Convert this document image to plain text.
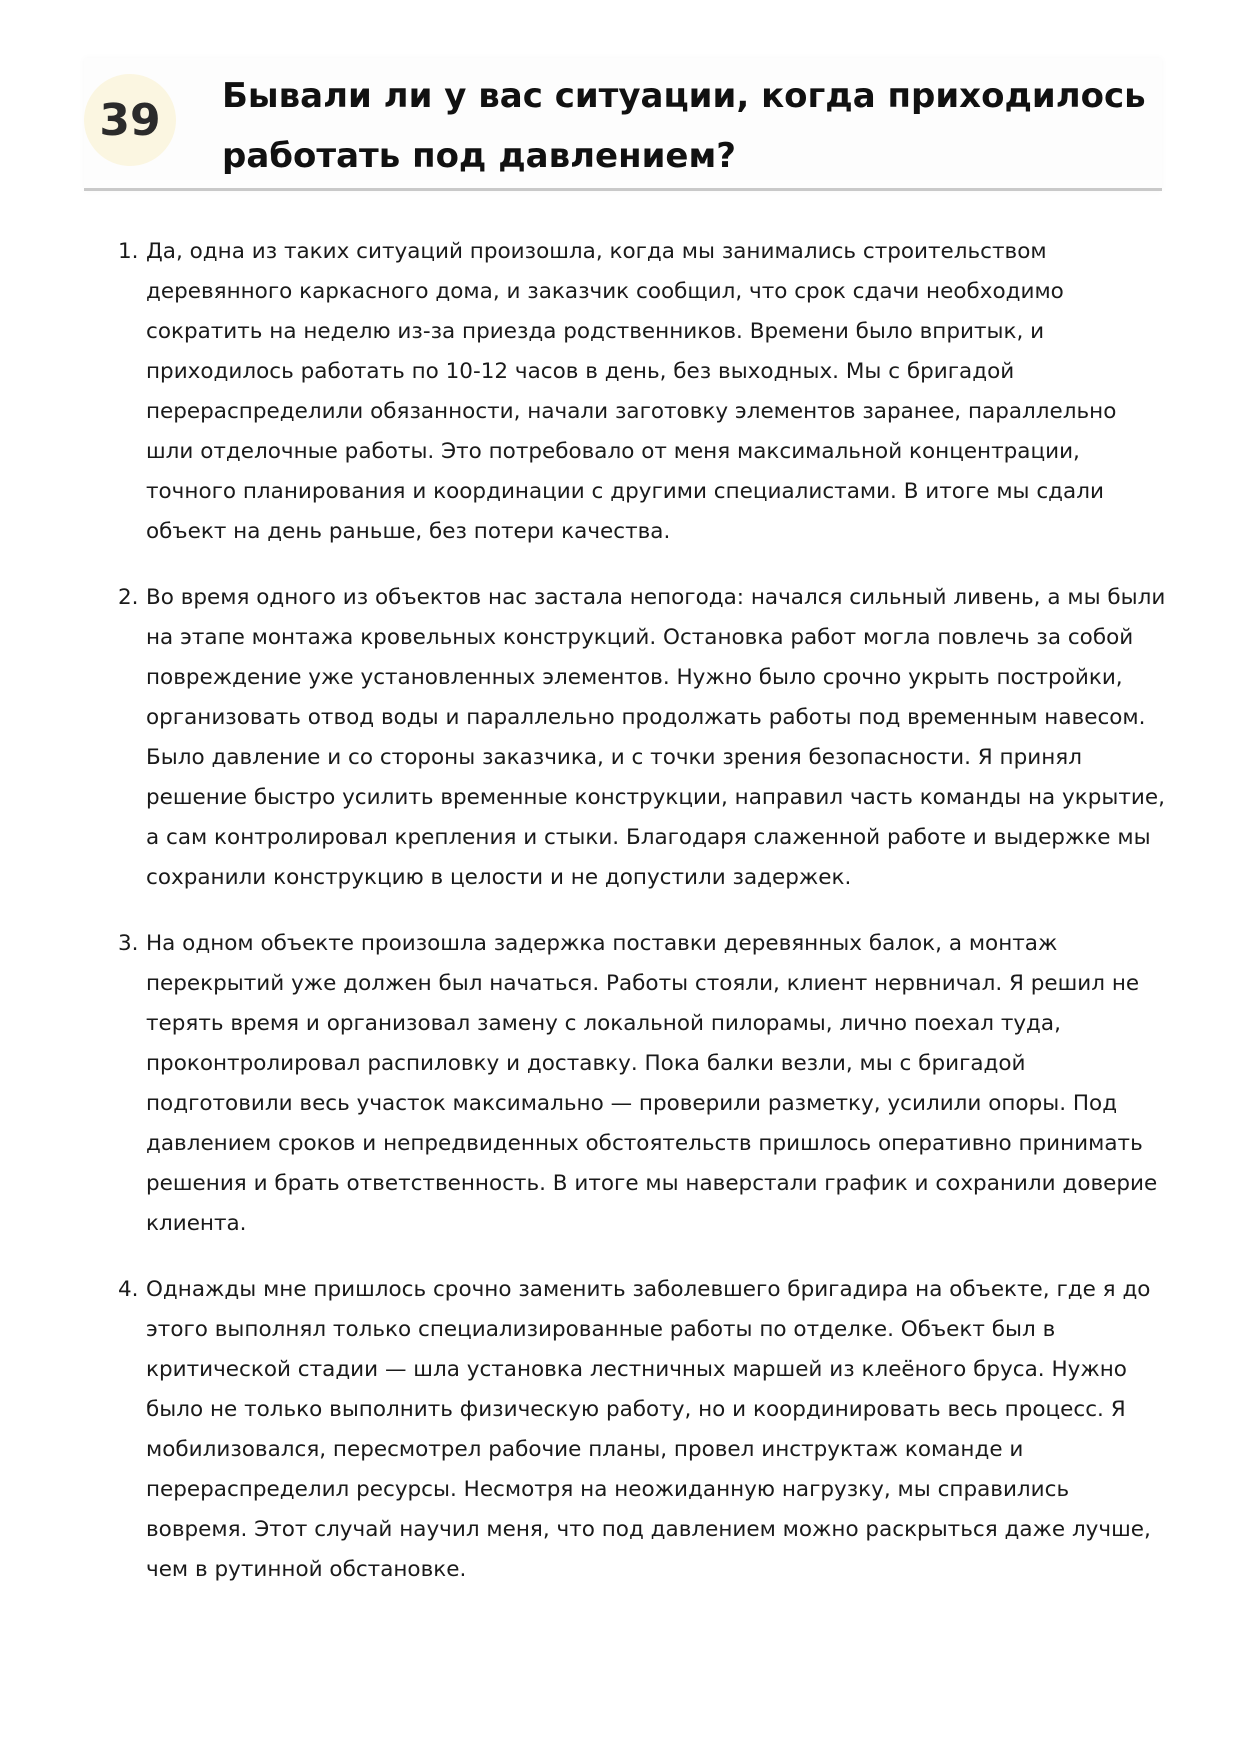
39	Бывали ли у вас ситуации, когда приходилось работать под давлением?
1. Да, одна из таких ситуаций произошла, когда мы занимались строительством деревянного каркасного дома, и заказчик сообщил, что срок сдачи необходимо сократить на неделю из-за приезда родственников. Времени было впритык, и приходилось работать по 10-12 часов в день, без выходных. Мы с бригадой перераспределили обязанности, начали заготовку элементов заранее, параллельно шли отделочные работы. Это потребовало от меня максимальной концентрации, точного планирования и координации с другими специалистами. В итоге мы сдали объект на день раньше, без потери качества.
2. Во время одного из объектов нас застала непогода: начался сильный ливень, а мы были на этапе монтажа кровельных конструкций. Остановка работ могла повлечь за собой повреждение уже установленных элементов. Нужно было срочно укрыть постройки, организовать отвод воды и параллельно продолжать работы под временным навесом. Было давление и со стороны заказчика, и с точки зрения безопасности. Я принял решение быстро усилить временные конструкции, направил часть команды на укрытие, а сам контролировал крепления и стыки. Благодаря слаженной работе и выдержке мы сохранили конструкцию в целости и не допустили задержек.
3. На одном объекте произошла задержка поставки деревянных балок, а монтаж перекрытий уже должен был начаться. Работы стояли, клиент нервничал. Я решил не терять время и организовал замену с локальной пилорамы, лично поехал туда, проконтролировал распиловку и доставку. Пока балки везли, мы с бригадой подготовили весь участок максимально — проверили разметку, усилили опоры. Под давлением сроков и непредвиденных обстоятельств пришлось оперативно принимать решения и брать ответственность. В итоге мы наверстали график и сохранили доверие клиента.
4. Однажды мне пришлось срочно заменить заболевшего бригадира на объекте, где я до этого выполнял только специализированные работы по отделке. Объект был в критической стадии — шла установка лестничных маршей из клеёного бруса. Нужно было не только выполнить физическую работу, но и координировать весь процесс. Я мобилизовался, пересмотрел рабочие планы, провел инструктаж команде и перераспределил ресурсы. Несмотря на неожиданную нагрузку, мы справились вовремя. Этот случай научил меня, что под давлением можно раскрыться даже лучше, чем в рутинной обстановке.
